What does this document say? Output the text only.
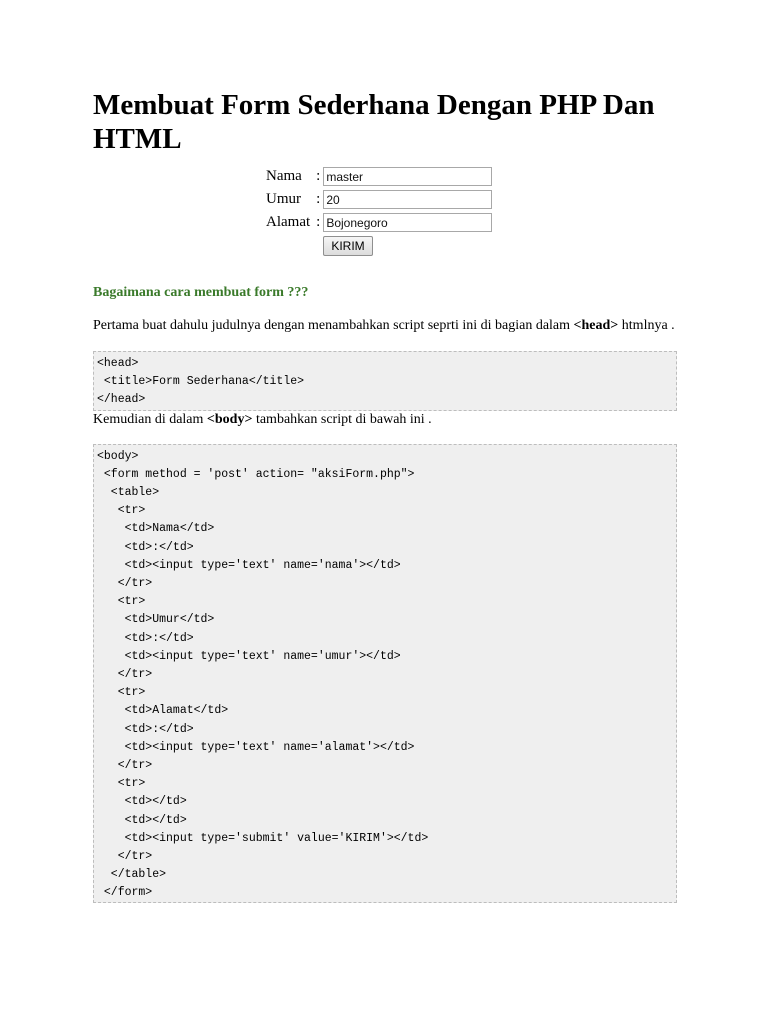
Membuat Form Sederhana Dengan PHP Dan HTML
Nama	:	master
Umur	:	20
Alamat	:	Bojonegoro
		KIRIM
Bagaimana cara membuat form ???

Pertama buat dahulu judulnya dengan menambahkan script seprti ini di bagian dalam <head> htmlnya .

<head>
<title>Form Sederhana</title>
</head>

Kemudian di dalam <body> tambahkan script di bawah ini .

<body>
<form method = 'post' action= "aksiForm.php">
<table>
<tr>
<td>Nama</td>
<td>:</td>
<td><input type='text' name='nama'></td>
</tr>
<tr>
<td>Umur</td>
<td>:</td>
<td><input type='text' name='umur'></td>
</tr>
<tr>
<td>Alamat</td>
<td>:</td>
<td><input type='text' name='alamat'></td>
</tr>
<tr>
<td></td>
<td></td>
<td><input type='submit' value='KIRIM'></td>
</tr>
</table>
</form>
